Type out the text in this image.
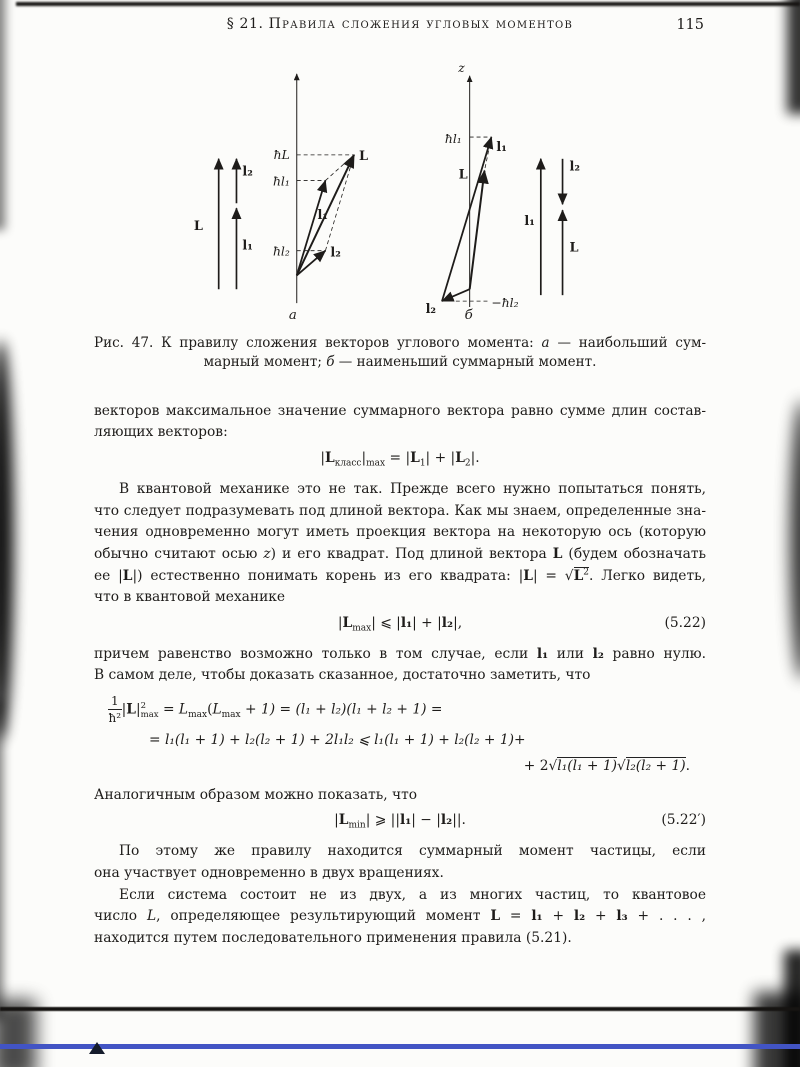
§ 21. Правила сложения угловых моментов	115
L
l₁
l₂
ħL
ħl₁
ħl₂
L
l₁
l₂
а
z
ħl₁
−ħl₂
L
l₁
l₂
l₁
L
l₂
б
Рис. 47. К правилу сложения векторов углового момента: а — наибольший сум-
марный момент; б — наименьший суммарный момент.

векторов максимальное значение суммарного вектора равно сумме длин состав-

ляющих векторов:

$|L_{класс}|_{max} = |L_1| + |L_2|$.

В квантовой механике это не так. Прежде всего нужно попытаться понять,

что следует подразумевать под длиной вектора. Как мы знаем, определенные зна-

чения одновременно могут иметь проекция вектора на некоторую ось (которую

обычно считают осью z) и его квадрат. Под длиной вектора L (будем обозначать

ее |L|) естественно понимать корень из его квадрата: $|L| = √L^2$. Легко видеть,

что в квантовой механике

$|L_{max}|$ ⩽ |l₁| + |l₂|,	(5.22)

причем равенство возможно только в том случае, если l₁ или l₂ равно нулю.

В самом деле, чтобы доказать сказанное, достаточно заметить, что

$\frac{1}{\text{ħ²}} |L|$ 2
$\max = L_{max}(L_{max} + 1) = (l_1 + l_2)(l_1 + l_2 + 1)$ =
= l₁(l₁ + 1) + l₂(l₂ + 1) + 2l₁l₂ ⩽ l₁(l₁ + 1) + l₂(l₂ + 1)+
+ 2√l₁(l₁ + 1)√l₂(l₂ + 1).

Аналогичным образом можно показать, что

$|L_{min}|$ ⩾ ||l₁| − |l₂||.	(5.22′)

По этому же правилу находится суммарный момент частицы, если

она участвует одновременно в двух вращениях.

Если система состоит не из двух, а из многих частиц, то квантовое

число L, определяющее результирующий момент L = l₁ + l₂ + l₃ + . . . ,

находится путем последовательного применения правила (5.21).
